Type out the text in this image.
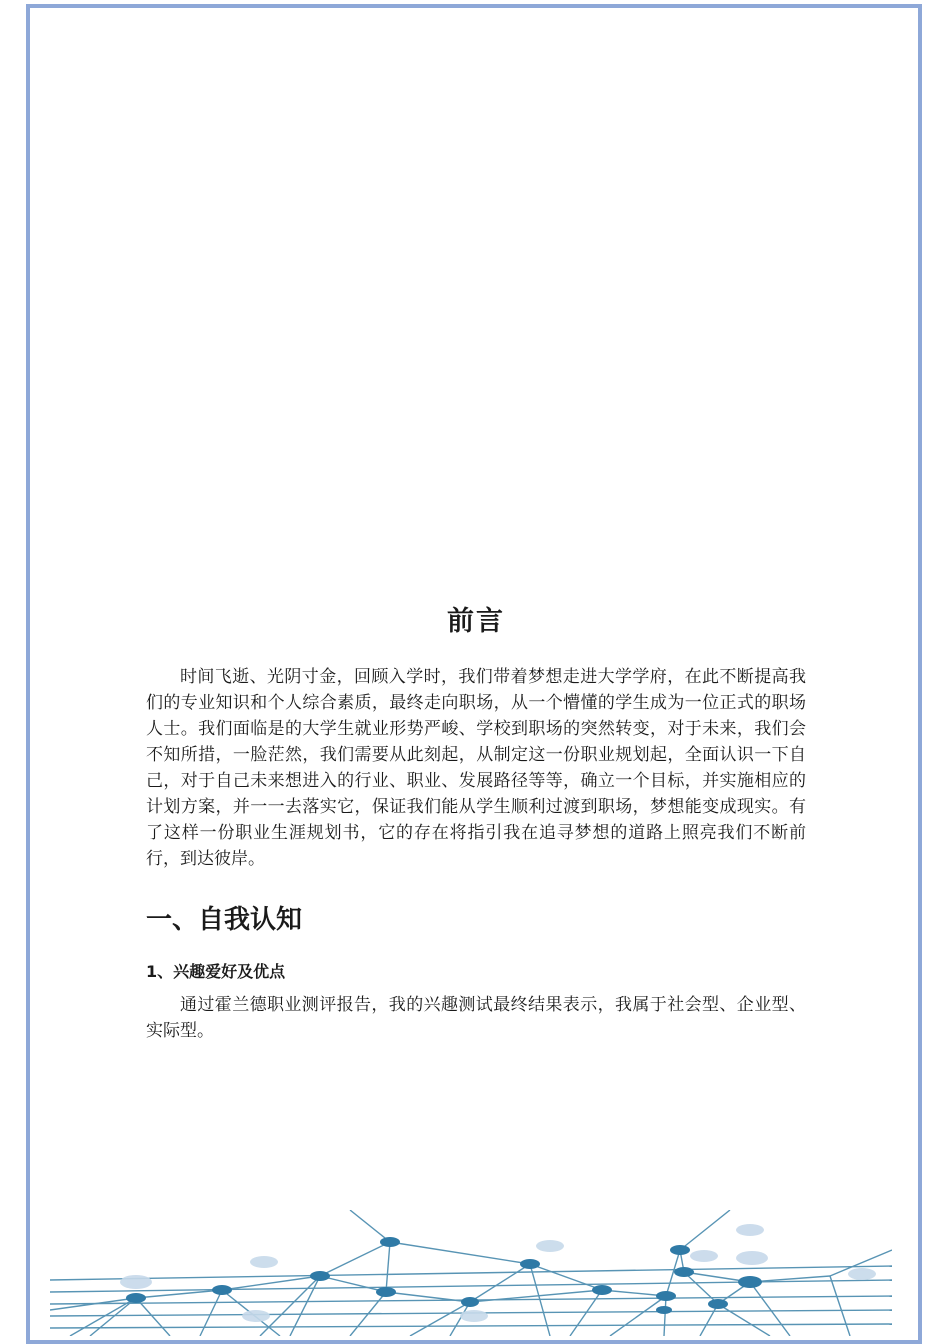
前言

时间飞逝、光阴寸金，回顾入学时，我们带着梦想走进大学学府，在此不断提高我们的专业知识和个人综合素质，最终走向职场，从一个懵懂的学生成为一位正式的职场人士。我们面临是的大学生就业形势严峻、学校到职场的突然转变，对于未来，我们会不知所措，一脸茫然，我们需要从此刻起，从制定这一份职业规划起，全面认识一下自己，对于自己未来想进入的行业、职业、发展路径等等，确立一个目标，并实施相应的计划方案，并一一去落实它，保证我们能从学生顺利过渡到职场，梦想能变成现实。有了这样一份职业生涯规划书，它的存在将指引我在追寻梦想的道路上照亮我们不断前行，到达彼岸。

一、自我认知
1、兴趣爱好及优点

通过霍兰德职业测评报告，我的兴趣测试最终结果表示，我属于社会型、企业型、实际型。
